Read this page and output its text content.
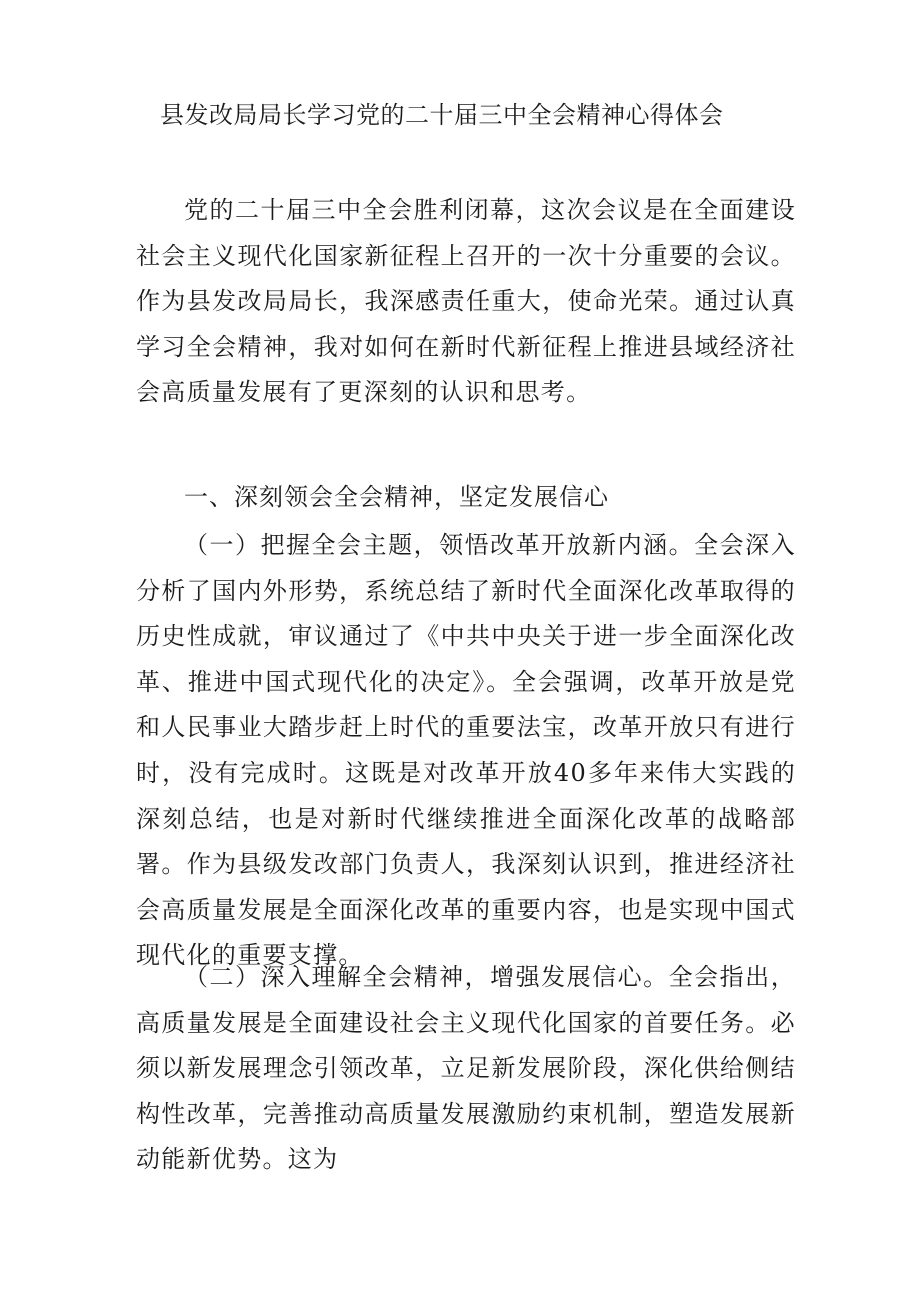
县发改局局长学习党的二十届三中全会精神心得体会

党的二十届三中全会胜利闭幕，这次会议是在全面建设社会主义现代化国家新征程上召开的一次十分重要的会议。作为县发改局局长，我深感责任重大，使命光荣。通过认真学习全会精神，我对如何在新时代新征程上推进县域经济社会高质量发展有了更深刻的认识和思考。

一、深刻领会全会精神，坚定发展信心

（一）把握全会主题，领悟改革开放新内涵。全会深入分析了国内外形势，系统总结了新时代全面深化改革取得的历史性成就，审议通过了《中共中央关于进一步全面深化改革、推进中国式现代化的决定》。全会强调，改革开放是党和人民事业大踏步赶上时代的重要法宝，改革开放只有进行时，没有完成时。这既是对改革开放40多年来伟大实践的深刻总结，也是对新时代继续推进全面深化改革的战略部署。作为县级发改部门负责人，我深刻认识到，推进经济社会高质量发展是全面深化改革的重要内容，也是实现中国式现代化的重要支撑。

（二）深入理解全会精神，增强发展信心。全会指出，高质量发展是全面建设社会主义现代化国家的首要任务。必须以新发展理念引领改革，立足新发展阶段，深化供给侧结构性改革，完善推动高质量发展激励约束机制，塑造发展新动能新优势。这为
